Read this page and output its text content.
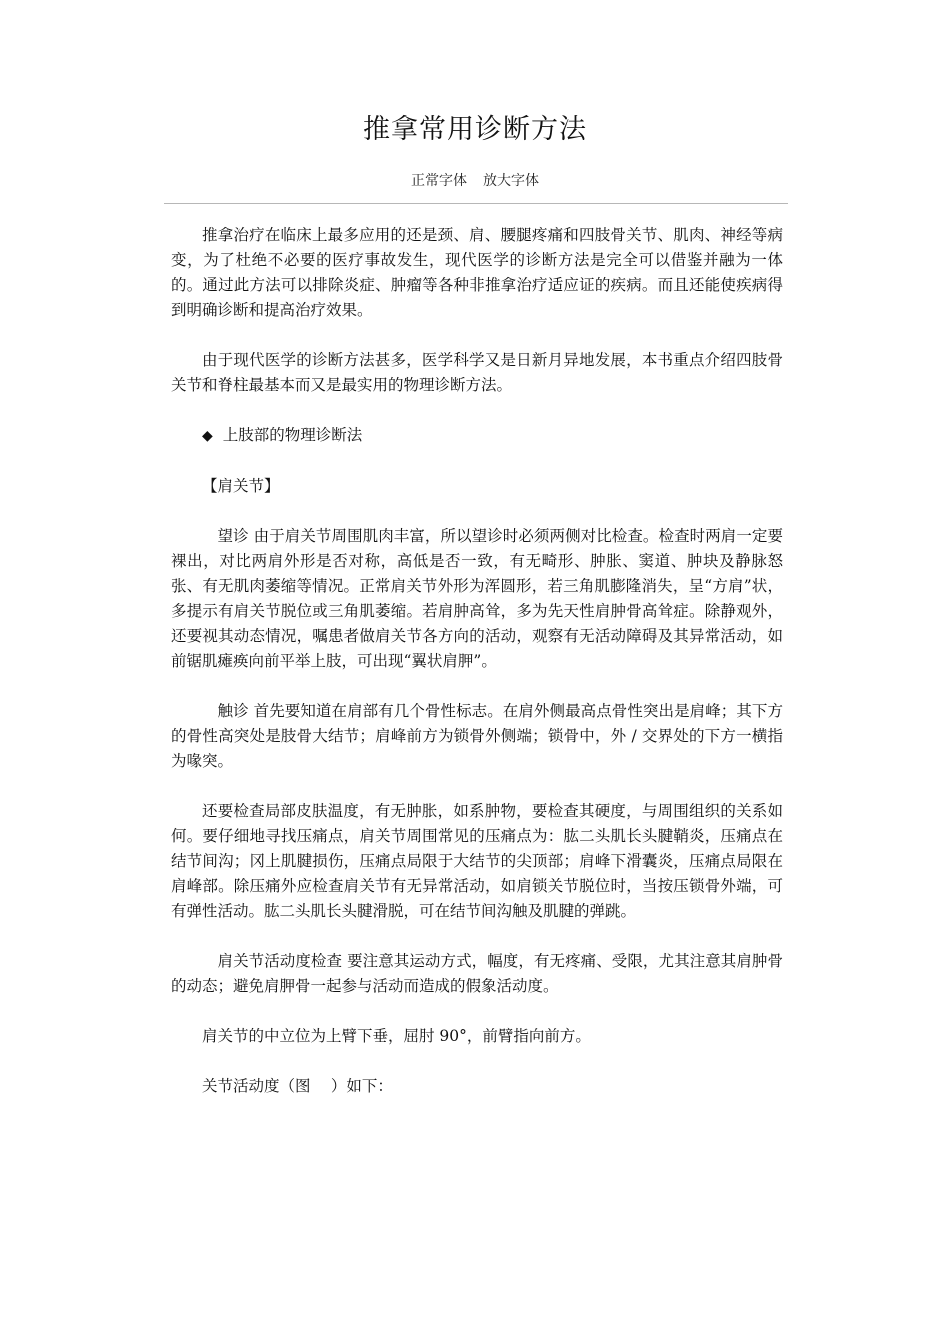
推拿常用诊断方法
正常字体 放大字体

推拿治疗在临床上最多应用的还是颈、肩、腰腿疼痛和四肢骨关节、肌肉、神经等病变，为了杜绝不必要的医疗事故发生，现代医学的诊断方法是完全可以借鉴并融为一体的。通过此方法可以排除炎症、肿瘤等各种非推拿治疗适应证的疾病。而且还能使疾病得到明确诊断和提高治疗效果。

由于现代医学的诊断方法甚多，医学科学又是日新月异地发展，本书重点介绍四肢骨关节和脊柱最基本而又是最实用的物理诊断方法。

◆ 上肢部的物理诊断法

【肩关节】

望诊 由于肩关节周围肌肉丰富，所以望诊时必须两侧对比检查。检查时两肩一定要裸出，对比两肩外形是否对称，高低是否一致，有无畸形、肿胀、窦道、肿块及静脉怒张、有无肌肉萎缩等情况。正常肩关节外形为浑圆形，若三角肌膨隆消失，呈“方肩”状，多提示有肩关节脱位或三角肌萎缩。若肩肿高耸，多为先天性肩肿骨高耸症。除静观外，还要视其动态情况，嘱患者做肩关节各方向的活动，观察有无活动障碍及其异常活动，如前锯肌瘫痪向前平举上肢，可出现“翼状肩胛”。

触诊 首先要知道在肩部有几个骨性标志。在肩外侧最高点骨性突出是肩峰；其下方的骨性高突处是肢骨大结节；肩峰前方为锁骨外侧端；锁骨中，外 / 交界处的下方一横指为喙突。

还要检查局部皮肤温度，有无肿胀，如系肿物，要检查其硬度，与周围组织的关系如何。要仔细地寻找压痛点，肩关节周围常见的压痛点为：肱二头肌长头腱鞘炎，压痛点在结节间沟；冈上肌腱损伤，压痛点局限于大结节的尖顶部；肩峰下滑囊炎，压痛点局限在肩峰部。除压痛外应检查肩关节有无异常活动，如肩锁关节脱位时，当按压锁骨外端，可有弹性活动。肱二头肌长头腱滑脱，可在结节间沟触及肌腱的弹跳。

肩关节活动度检查 要注意其运动方式，幅度，有无疼痛、受限，尤其注意其肩肿骨的动态；避免肩胛骨一起参与活动而造成的假象活动度。

肩关节的中立位为上臂下垂，屈肘 90°，前臂指向前方。

关节活动度（图　 ）如下：
